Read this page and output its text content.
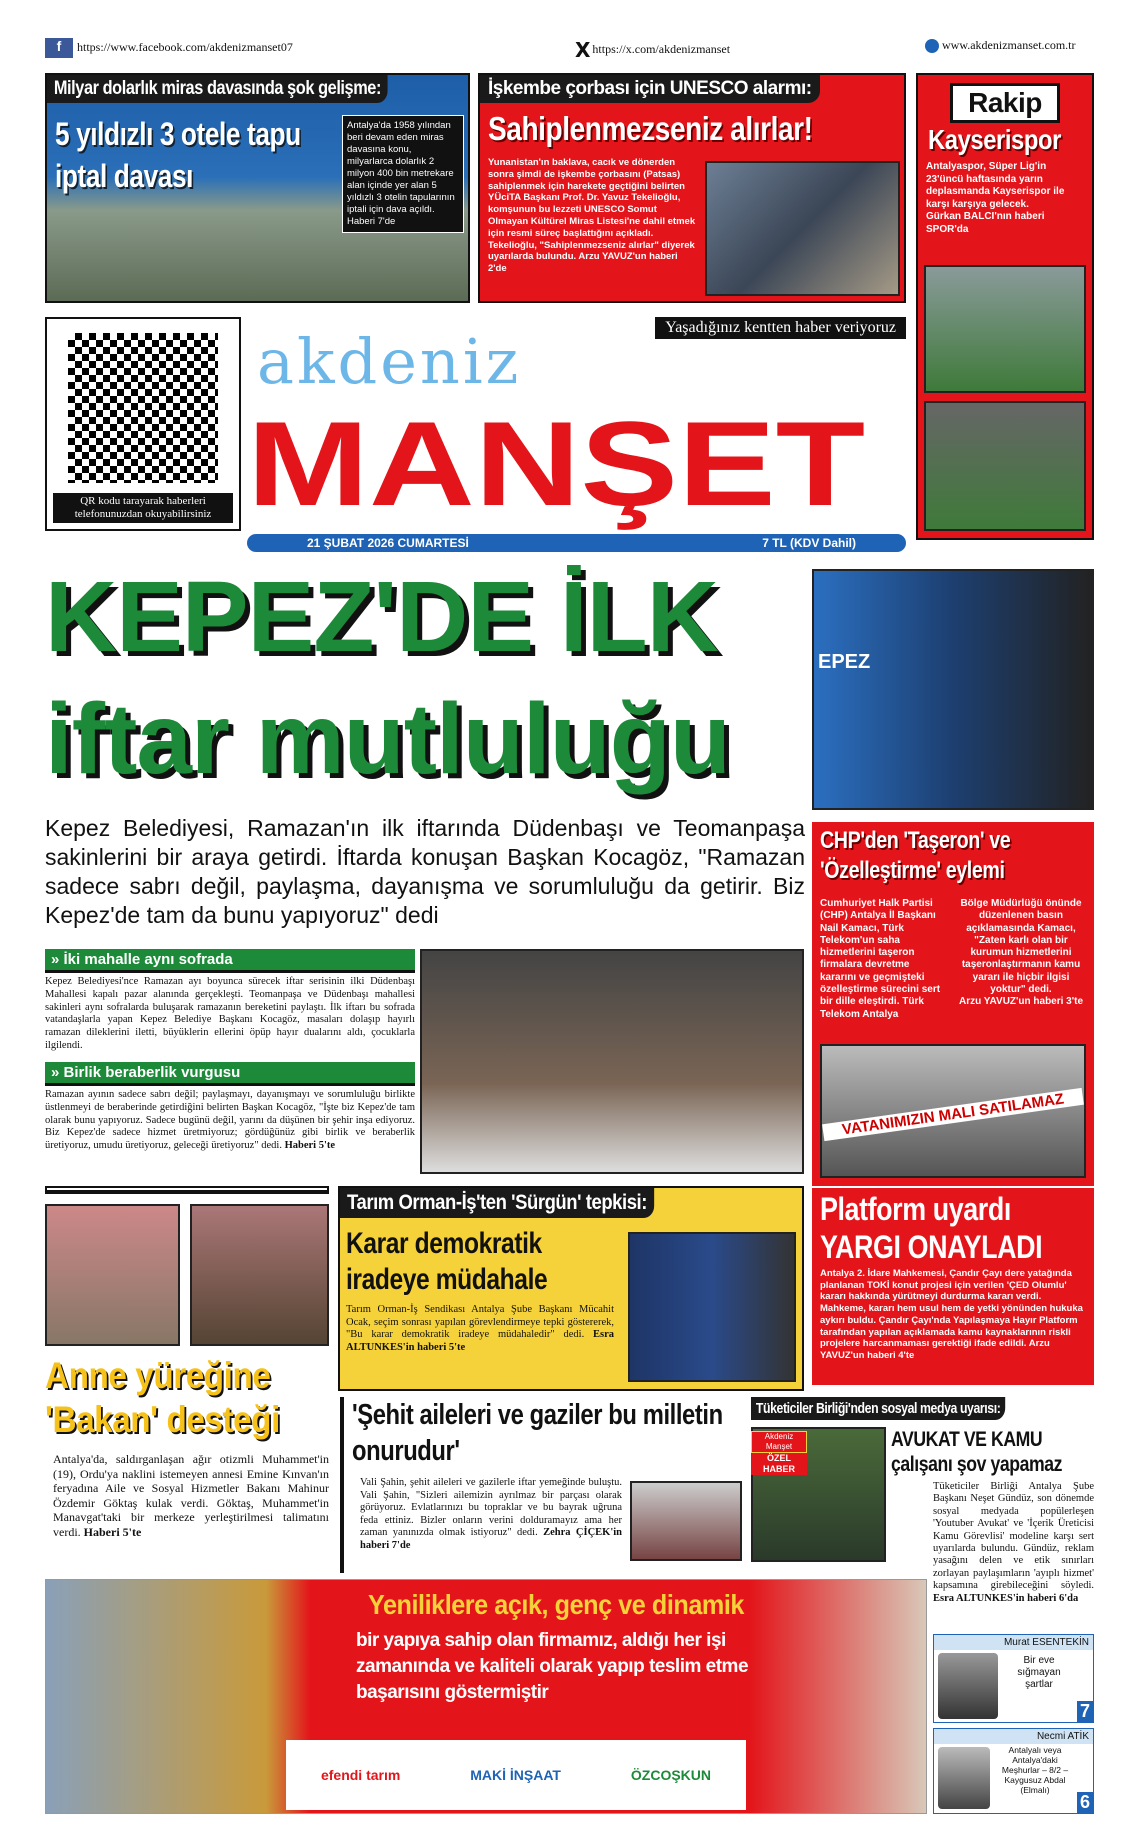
f https://www.facebook.com/akdenizmanset07	Xhttps://x.com/akdenizmanset	www.akdenizmanset.com.tr
Milyar dolarlık miras davasında şok gelişme:
5 yıldızlı 3 otele tapu iptal davası
Antalya'da 1958 yılından beri devam eden miras davasına konu, milyarlarca dolarlık 2 milyon 400 bin metrekare alan içinde yer alan 5 yıldızlı 3 otelin tapularının iptali için dava açıldı. Haberi 7'de
İşkembe çorbası için UNESCO alarmı:
Sahiplenmezseniz alırlar!
Yunanistan'ın baklava, cacık ve dönerden sonra şimdi de işkembe çorbasını (Patsas) sahiplenmek için harekete geçtiğini belirten YÜciTA Başkanı Prof. Dr. Yavuz Tekelioğlu, komşunun bu lezzeti UNESCO Somut Olmayan Kültürel Miras Listesi'ne dahil etmek için resmi süreç başlattığını açıkladı. Tekelioğlu, "Sahiplenmezseniz alırlar" diyerek uyarılarda bulundu. Arzu YAVUZ'un haberi 2'de
Rakip
Kayserispor
Antalyaspor, Süper Lig'in 23'üncü haftasında yarın deplasmanda Kayserispor ile karşı karşıya gelecek.
Gürkan BALCI'nın haberi SPOR'da
QR kodu tarayarak haberleri telefonunuzdan okuyabilirsiniz
Yaşadığınız kentten haber veriyoruz
akdeniz
MANŞET
21 ŞUBAT 2026 CUMARTESİ	7 TL (KDV Dahil)
KEPEZ'DE İLK
iftar mutluluğu
EPEZ
Kepez Belediyesi, Ramazan'ın ilk iftarında Düdenbaşı ve Teomanpaşa sakinlerini bir araya getirdi. İftarda konuşan Başkan Kocagöz, "Ramazan sadece sabrı değil, paylaşma, dayanışma ve sorumluluğu da getirir. Biz Kepez'de tam da bunu yapıyoruz" dedi
» İki mahalle aynı sofrada
Kepez Belediyesi'nce Ramazan ayı boyunca sürecek iftar serisinin ilki Düdenbaşı Mahallesi kapalı pazar alanında gerçekleşti. Teomanpaşa ve Düdenbaşı mahallesi sakinleri aynı sofralarda buluşarak ramazanın bereketini paylaştı. İlk iftarı bu sofrada vatandaşlarla yapan Kepez Belediye Başkanı Kocagöz, masaları dolaşıp hayırlı ramazan dileklerini iletti, büyüklerin ellerini öpüp hayır dualarını aldı, çocuklarla ilgilendi.
» Birlik beraberlik vurgusu
Ramazan ayının sadece sabrı değil; paylaşmayı, dayanışmayı ve sorumluluğu birlikte üstlenmeyi de beraberinde getirdiğini belirten Başkan Kocagöz, "İşte biz Kepez'de tam olarak bunu yapıyoruz. Sadece bugünü değil, yarını da düşünen bir şehir inşa ediyoruz. Biz Kepez'de sadece hizmet üretmiyoruz; gördüğünüz gibi birlik ve beraberlik üretiyoruz, umudu üretiyoruz, geleceği üretiyoruz" dedi. Haberi 5'te
CHP'den 'Taşeron' ve 'Özelleştirme' eylemi
Cumhuriyet Halk Partisi (CHP) Antalya İl Başkanı Nail Kamacı, Türk Telekom'un saha hizmetlerini taşeron firmalara devretme kararını ve geçmişteki özelleştirme sürecini sert bir dille eleştirdi. Türk Telekom Antalya
Bölge Müdürlüğü önünde düzenlenen basın açıklamasında Kamacı, "Zaten karlı olan bir kurumun hizmetlerini taşeronlaştırmanın kamu yararı ile hiçbir ilgisi yoktur" dedi.
Arzu YAVUZ'un haberi 3'te
VATANIMIZIN MALI SATILAMAZ
Anne yüreğine
'Bakan' desteği
Antalya'da, saldırganlaşan ağır otizmli Muhammet'in (19), Ordu'ya naklini istemeyen annesi Emine Kınvan'ın feryadına Aile ve Sosyal Hizmetler Bakanı Mahinur Özdemir Göktaş kulak verdi. Göktaş, Muhammet'in Manavgat'taki bir merkeze yerleştirilmesi talimatını verdi. Haberi 5'te
Tarım Orman-İş'ten 'Sürgün' tepkisi:
Karar demokratik iradeye müdahale
Tarım Orman-İş Sendikası Antalya Şube Başkanı Mücahit Ocak, seçim sonrası yapılan görevlendirmeye tepki göstererek, "Bu karar demokratik iradeye müdahaledir" dedi. Esra ALTUNKES'in haberi 5'te
Platform uyardı
YARGI ONAYLADI
Antalya 2. İdare Mahkemesi, Çandır Çayı dere yatağında planlanan TOKİ konut projesi için verilen 'ÇED Olumlu' kararı hakkında yürütmeyi durdurma kararı verdi. Mahkeme, kararı hem usul hem de yetki yönünden hukuka aykırı buldu. Çandır Çayı'nda Yapılaşmaya Hayır Platform tarafından yapılan açıklamada kamu kaynaklarının riskli projelere harcanmaması gerektiği ifade edildi. Arzu YAVUZ'un haberi 4'te
'Şehit aileleri ve gaziler bu milletin onurudur'
Vali Şahin, şehit aileleri ve gazilerle iftar yemeğinde buluştu. Vali Şahin, "Sizleri ailemizin ayrılmaz bir parçası olarak görüyoruz. Evlatlarınızı bu topraklar ve bu bayrak uğruna feda ettiniz. Bizler onların verini dolduramayız ama her zaman yanınızda olmak istiyoruz" dedi. Zehra ÇİÇEK'in haberi 7'de
Tüketiciler Birliği'nden sosyal medya uyarısı:
Akdeniz Manşet
ÖZEL HABER
AVUKAT VE KAMU
çalışanı şov yapamaz
Tüketiciler Birliği Antalya Şube Başkanı Neşet Gündüz, son dönemde sosyal medyada popülerleşen 'Youtuber Avukat' ve 'İçerik Üreticisi Kamu Görevlisi' modeline karşı sert uyarılarda bulundu. Gündüz, reklam yasağını delen ve etik sınırları zorlayan paylaşımların 'ayıplı hizmet' kapsamına girebileceğini söyledi. Esra ALTUNKES'in haberi 6'da
Yeniliklere açık, genç ve dinamik
bir yapıya sahip olan firmamız, aldığı her işi zamanında ve kaliteli olarak yapıp teslim etme başarısını göstermiştir
efendi tarım	MAKİ İNŞAAT	ÖZCOŞKUN
Murat ESENTEKİN
Bir eve sığmayan şartlar
7
Necmi ATİK
Antalyalı veya Antalya'daki Meşhurlar – 8/2 – Kaygusuz Abdal (Elmalı)
6
